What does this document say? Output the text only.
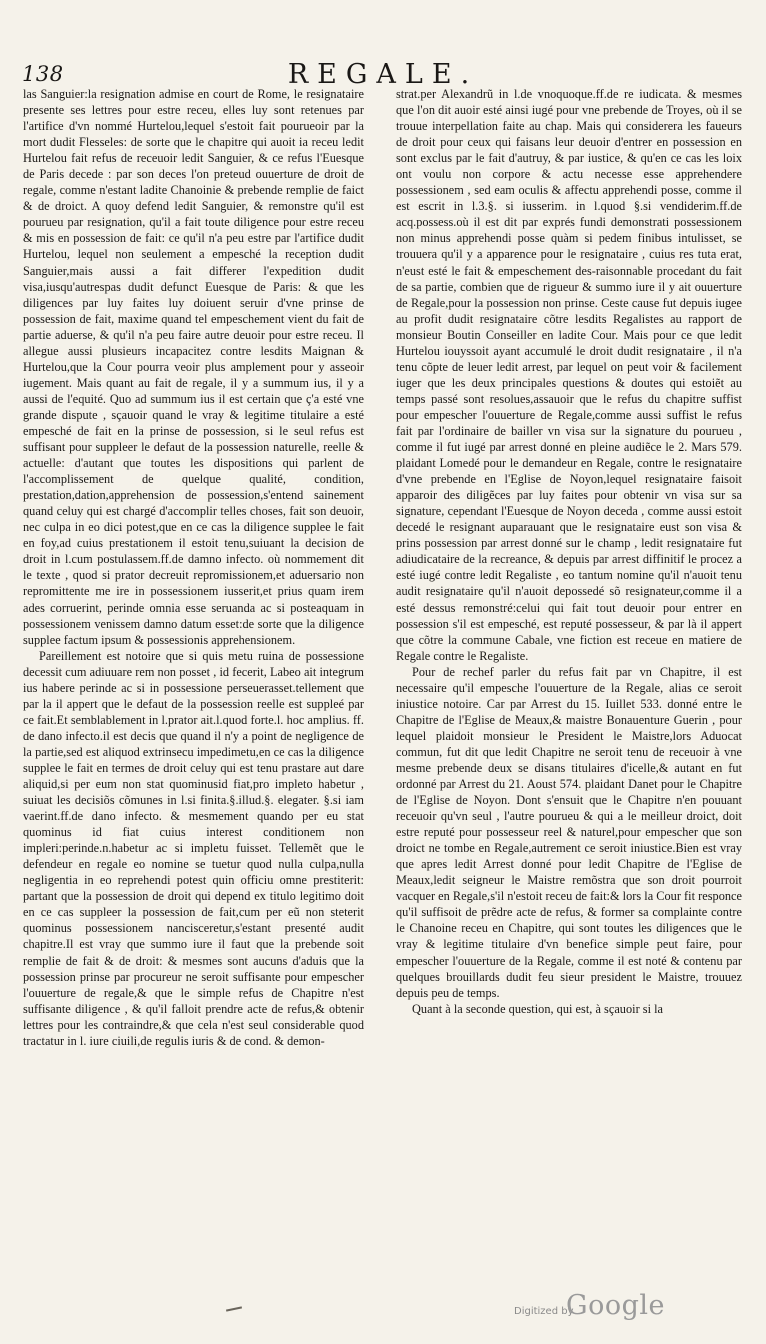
138	REGALE.

las Sanguier:la resignation admise en court de Rome, le resignataire presente ses lettres pour estre receu, elles luy sont retenues par l'artifice d'vn nommé Hurtelou,lequel s'estoit fait pourueoir par la mort dudit Flesseles: de sorte que le chapitre qui auoit ia receu ledit Hurtelou fait refus de receuoir ledit Sanguier, & ce refus l'Euesque de Paris decede : par son deces l'on preteud ouuerture de droit de regale, comme n'estant ladite Chanoinie & prebende remplie de faict & de droict. A quoy defend ledit Sanguier, & remonstre qu'il est pourueu par resignation, qu'il a fait toute diligence pour estre receu & mis en possession de fait: ce qu'il n'a peu estre par l'artifice dudit Hurtelou, lequel non seulement a empesché la reception dudit Sanguier,mais aussi a fait differer l'expedition dudit visa,iusqu'autrespas dudit defunct Euesque de Paris: & que les diligences par luy faites luy doiuent seruir d'vne prinse de possession de fait, maxime quand tel empeschement vient du fait de partie aduerse, & qu'il n'a peu faire autre deuoir pour estre receu. Il allegue aussi plusieurs incapacitez contre lesdits Maignan & Hurtelou,que la Cour pourra veoir plus amplement pour y asseoir iugement. Mais quant au fait de regale, il y a summum ius, il y a aussi de l'equité. Quo ad summum ius il est certain que ç'a esté vne grande dispute , sçauoir quand le vray & legitime titulaire a esté empesché de fait en la prinse de possession, si le seul refus est suffisant pour suppleer le defaut de la possession naturelle, reelle & actuelle: d'autant que toutes les dispositions qui parlent de l'accomplissement de quelque qualité, condition, prestation,dation,apprehension de possession,s'entend sainement quand celuy qui est chargé d'accomplir telles choses, fait son deuoir, nec culpa in eo dici potest,que en ce cas la diligence supplee le fait en foy,ad cuius prestationem il estoit tenu,suiuant la decision de droit in l.cum postulassem.ff.de damno infecto. où nommement dit le texte , quod si prator decreuit repromissionem,et aduersario non repromittente me ire in possessionem iusserit,et prius quam irem ades corruerint, perinde omnia esse seruanda ac si posteaquam in possessionem venissem damno datum esset:de sorte que la diligence supplee factum ipsum & possessionis apprehensionem.

Pareillement est notoire que si quis metu ruina de possessione decessit cum adiuuare rem non posset , id fecerit, Labeo ait integrum ius habere perinde ac si in possessione perseuerasset.tellement que par la il appert que le defaut de la possession reelle est suppleé par ce fait.Et semblablement in l.prator ait.l.quod forte.l. hoc amplius. ff. de dano infecto.il est decis que quand il n'y a point de negligence de la partie,sed est aliquod extrinsecu impedimetu,en ce cas la diligence supplee le fait en termes de droit celuy qui est tenu prastare aut dare aliquid,si per eum non stat quominusid fiat,pro impleto habetur , suiuat les decisiõs cõmunes in l.si finita.§.illud.§. elegater. §.si iam vaerint.ff.de dano infecto. & mesmement quando per eu stat quominus id fiat cuius interest conditionem non impleri:perinde.n.habetur ac si impletu fuisset. Tellemẽt que le defendeur en regale eo nomine se tuetur quod nulla culpa,nulla negligentia in eo reprehendi potest quin officiu omne prestiterit: partant que la possession de droit qui depend ex titulo legitimo doit en ce cas suppleer la possession de fait,cum per eũ non steterit quominus possessionem nancisceretur,s'estant presenté audit chapitre.Il est vray que summo iure il faut que la prebende soit remplie de fait & de droit: & mesmes sont aucuns d'aduis que la possession prinse par procureur ne seroit suffisante pour empescher l'ouuerture de regale,& que le simple refus de Chapitre n'est suffisante diligence , & qu'il falloit prendre acte de refus,& obtenir lettres pour les contraindre,& que cela n'est seul considerable quod tractatur in l. iure ciuili,de regulis iuris & de cond. & demon-

strat.per Alexandrũ in l.de vnoquoque.ff.de re iudicata. & mesmes que l'on dit auoir esté ainsi iugé pour vne prebende de Troyes, où il se trouue interpellation faite au chap. Mais qui considerera les faueurs de droit pour ceux qui faisans leur deuoir d'entrer en possession en sont exclus par le fait d'autruy, & par iustice, & qu'en ce cas les loix ont voulu non corpore & actu necesse esse apprehendere possessionem , sed eam oculis & affectu apprehendi posse, comme il est escrit in l.3.§. si iusserim. in l.quod §.si vendiderim.ff.de acq.possess.où il est dit par exprés fundi demonstrati possessionem non minus apprehendi posse quàm si pedem finibus intulisset, se trouuera qu'il y a apparence pour le resignataire , cuius res tuta erat, n'eust esté le fait & empeschement des-raisonnable procedant du fait de sa partie, combien que de rigueur & summo iure il y ait ouuerture de Regale,pour la possession non prinse. Ceste cause fut depuis iugee au profit dudit resignataire cõtre lesdits Regalistes au rapport de monsieur Boutin Conseiller en ladite Cour. Mais pour ce que ledit Hurtelou iouyssoit ayant accumulé le droit dudit resignataire , il n'a tenu cõpte de leuer ledit arrest, par lequel on peut voir & facilement iuger que les deux principales questions & doutes qui estoiẽt au temps passé sont resolues,assauoir que le refus du chapitre suffist pour empescher l'ouuerture de Regale,comme aussi suffist le refus fait par l'ordinaire de bailler vn visa sur la signature du pourueu , comme il fut iugé par arrest donné en pleine audiẽce le 2. Mars 579. plaidant Lomedé pour le demandeur en Regale, contre le resignataire d'vne prebende en l'Eglise de Noyon,lequel resignataire faisoit apparoir des diligẽces par luy faites pour obtenir vn visa sur sa signature, cependant l'Euesque de Noyon deceda , comme aussi estoit decedé le resignant auparauant que le resignataire eust son visa & prins possession par arrest donné sur le champ , ledit resignataire fut adiudicataire de la recreance, & depuis par arrest diffinitif le procez a esté iugé contre ledit Regaliste , eo tantum nomine qu'il n'auoit tenu audit resignataire qu'il n'auoit depossedé sõ resignateur,comme il a esté dessus remonstré:celui qui fait tout deuoir pour entrer en possession s'il est empesché, est reputé possesseur, & par là il appert que cõtre la commune Cabale, vne fiction est receue en matiere de Regale contre le Regaliste.

Pour de rechef parler du refus fait par vn Chapitre, il est necessaire qu'il empesche l'ouuerture de la Regale, alias ce seroit iniustice notoire. Car par Arrest du 15. Iuillet 533. donné entre le Chapitre de l'Eglise de Meaux,& maistre Bonauenture Guerin , pour lequel plaidoit monsieur le President le Maistre,lors Aduocat commun, fut dit que ledit Chapitre ne seroit tenu de receuoir à vne mesme prebende deux se disans titulaires d'icelle,& autant en fut ordonné par Arrest du 21. Aoust 574. plaidant Danet pour le Chapitre de l'Eglise de Noyon. Dont s'ensuit que le Chapitre n'en pouuant receuoir qu'vn seul , l'autre pourueu & qui a le meilleur droict, doit estre reputé pour possesseur reel & naturel,pour empescher que son droict ne tombe en Regale,autrement ce seroit iniustice.Bien est vray que apres ledit Arrest donné pour ledit Chapitre de l'Eglise de Meaux,ledit seigneur le Maistre remõstra que son droit pourroit vacquer en Regale,s'il n'estoit receu de fait:& lors la Cour fit responce qu'il suffisoit de prẽdre acte de refus, & former sa complainte contre le Chanoine receu en Chapitre, qui sont toutes les diligences que le vray & legitime titulaire d'vn benefice simple peut faire, pour empescher l'ouuerture de la Regale, comme il est noté & contenu par quelques brouillards dudit feu sieur president le Maistre, trouuez depuis peu de temps.

Quant à la seconde question, qui est, à sçauoir si la

Digitized by
Google
